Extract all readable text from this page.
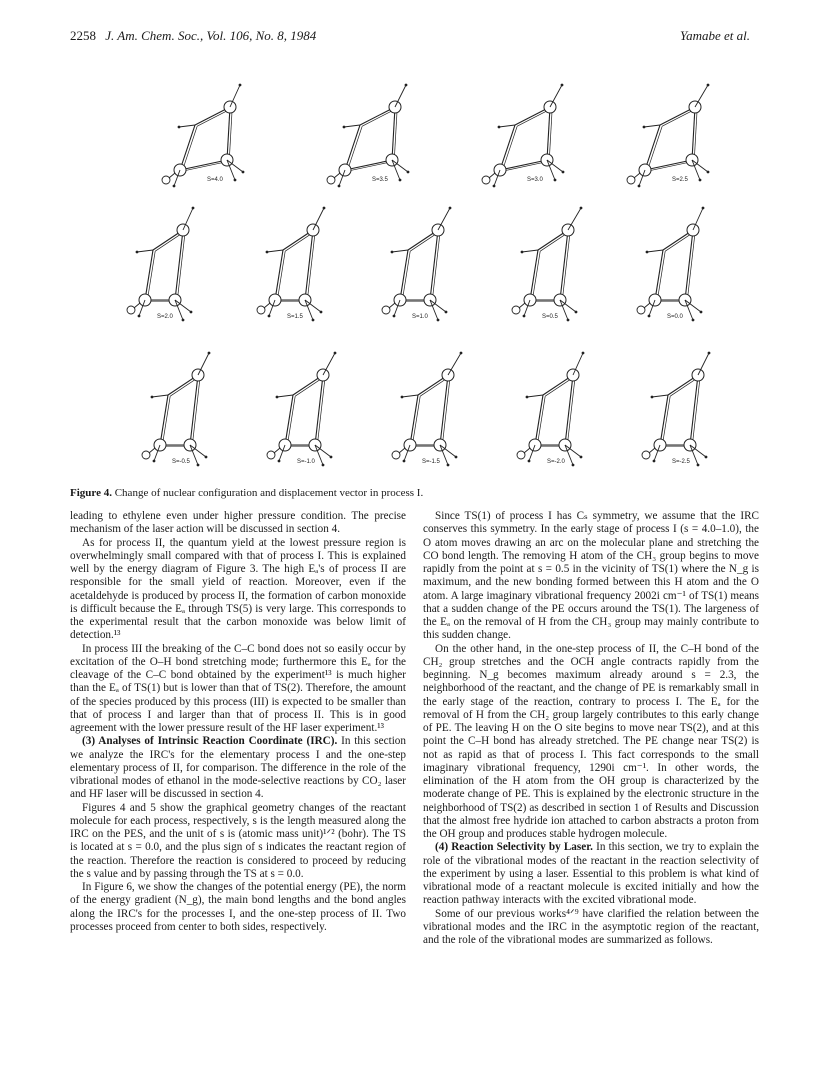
2258 J. Am. Chem. Soc., Vol. 106, No. 8, 1984	Yamabe et al.
S=4.0	S=3.5	S=3.0	S=2.5
S=2.0	S=1.5	S=1.0	S=0.5	S=0.0
S=-0.5	S=-1.0	S=-1.5	S=-2.0	S=-2.5
Figure 4. Change of nuclear configuration and displacement vector in process I.

leading to ethylene even under higher pressure condition. The precise mechanism of the laser action will be discussed in section 4.

As for process II, the quantum yield at the lowest pressure region is overwhelmingly small compared with that of process I. This is explained well by the energy diagram of Figure 3. The high Eₐ's of process II are responsible for the small yield of reaction. Moreover, even if the acetaldehyde is produced by process II, the formation of carbon monoxide is difficult because the Eₐ through TS(5) is very large. This corresponds to the experimental result that the carbon monoxide was below limit of detection.¹³

In process III the breaking of the C–C bond does not so easily occur by excitation of the O–H bond stretching mode; furthermore this Eₐ for the cleavage of the C–C bond obtained by the experiment¹³ is much higher than the Eₐ of TS(1) but is lower than that of TS(2). Therefore, the amount of the species produced by this process (III) is expected to be smaller than that of process I and larger than that of process II. This is in good agreement with the lower pressure result of the HF laser experiment.¹³

(3) Analyses of Intrinsic Reaction Coordinate (IRC). In this section we analyze the IRC's for the elementary process I and the one-step elementary process of II, for comparison. The difference in the role of the vibrational modes of ethanol in the mode-selective reactions by CO₂ laser and HF laser will be discussed in section 4.

Figures 4 and 5 show the graphical geometry changes of the reactant molecule for each process, respectively, s is the length measured along the IRC on the PES, and the unit of s is (atomic mass unit)¹ᐟ² (bohr). The TS is located at s = 0.0, and the plus sign of s indicates the reactant region of the reaction. Therefore the reaction is considered to proceed by reducing the s value and by passing through the TS at s = 0.0.

In Figure 6, we show the changes of the potential energy (PE), the norm of the energy gradient (N_g), the main bond lengths and the bond angles along the IRC's for the processes I, and the one-step process of II. Two processes proceed from center to both sides, respectively.

Since TS(1) of process I has Cₛ symmetry, we assume that the IRC conserves this symmetry. In the early stage of process I (s = 4.0–1.0), the O atom moves drawing an arc on the molecular plane and stretching the CO bond length. The removing H atom of the CH₃ group begins to move rapidly from the point at s = 0.5 in the vicinity of TS(1) where the N_g is maximum, and the new bonding formed between this H atom and the O atom. A large imaginary vibrational frequency 2002i cm⁻¹ of TS(1) means that a sudden change of the PE occurs around the TS(1). The largeness of the Eₐ on the removal of H from the CH₃ group may mainly contribute to this sudden change.

On the other hand, in the one-step process of II, the C–H bond of the CH₂ group stretches and the OCH angle contracts rapidly from the beginning. N_g becomes maximum already around s = 2.3, the neighborhood of the reactant, and the change of PE is remarkably small in the early stage of the reaction, contrary to process I. The Eₐ for the removal of H from the CH₂ group largely contributes to this early change of PE. The leaving H on the O site begins to move near TS(2), and at this point the C–H bond has already stretched. The PE change near TS(2) is not as rapid as that of process I. This fact corresponds to the small imaginary vibrational frequency, 1290i cm⁻¹. In other words, the elimination of the H atom from the OH group is characterized by the moderate change of PE. This is explained by the electronic structure in the neighborhood of TS(2) as described in section 1 of Results and Discussion that the almost free hydride ion attached to carbon abstracts a proton from the OH group and produces stable hydrogen molecule.

(4) Reaction Selectivity by Laser. In this section, we try to explain the role of the vibrational modes of the reactant in the reaction selectivity of the experiment by using a laser. Essential to this problem is what kind of vibrational mode of a reactant molecule is excited initially and how the reaction pathway interacts with the excited vibrational mode.

Some of our previous works⁴ᐟ⁹ have clarified the relation between the vibrational modes and the IRC in the asymptotic region of the reactant, and the role of the vibrational modes are summarized as follows.
